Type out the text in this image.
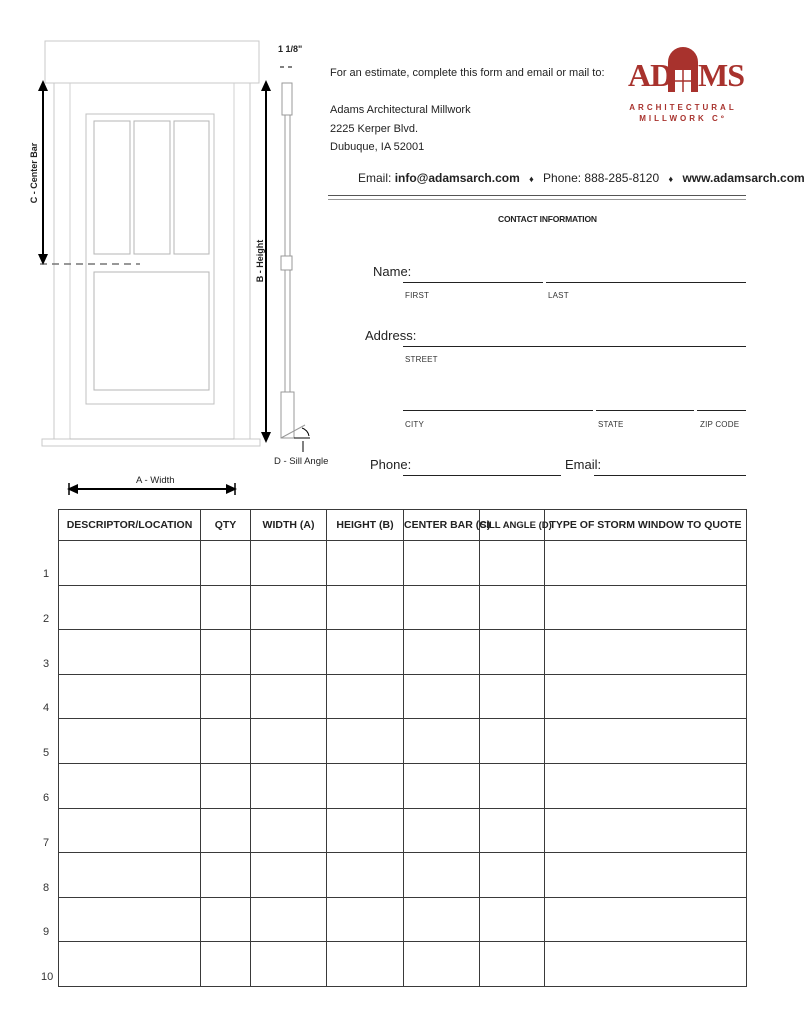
1 1/8"
C - Center Bar
B - Height
D - Sill Angle
A - Width
For an estimate, complete this form and email or mail to:
Adams Architectural Millwork
2225 Kerper Blvd.
Dubuque, IA 52001
Email: info@adamsarch.com ♦ Phone: 888-285-8120 ♦ www.adamsarch.com
AD MS
ARCHITECTURAL
MILLWORK Cº
CONTACT INFORMATION
Name:
FIRST	LAST
Address:
STREET
CITY	STATE	ZIP CODE
Phone:	Email:
DESCRIPTOR/LOCATION	QTY	WIDTH (A)	HEIGHT (B)	CENTER BAR (C)	SILL ANGLE (D)	TYPE OF STORM WINDOW TO QUOTE

1
2
3
4
5
6
7
8
9
10
